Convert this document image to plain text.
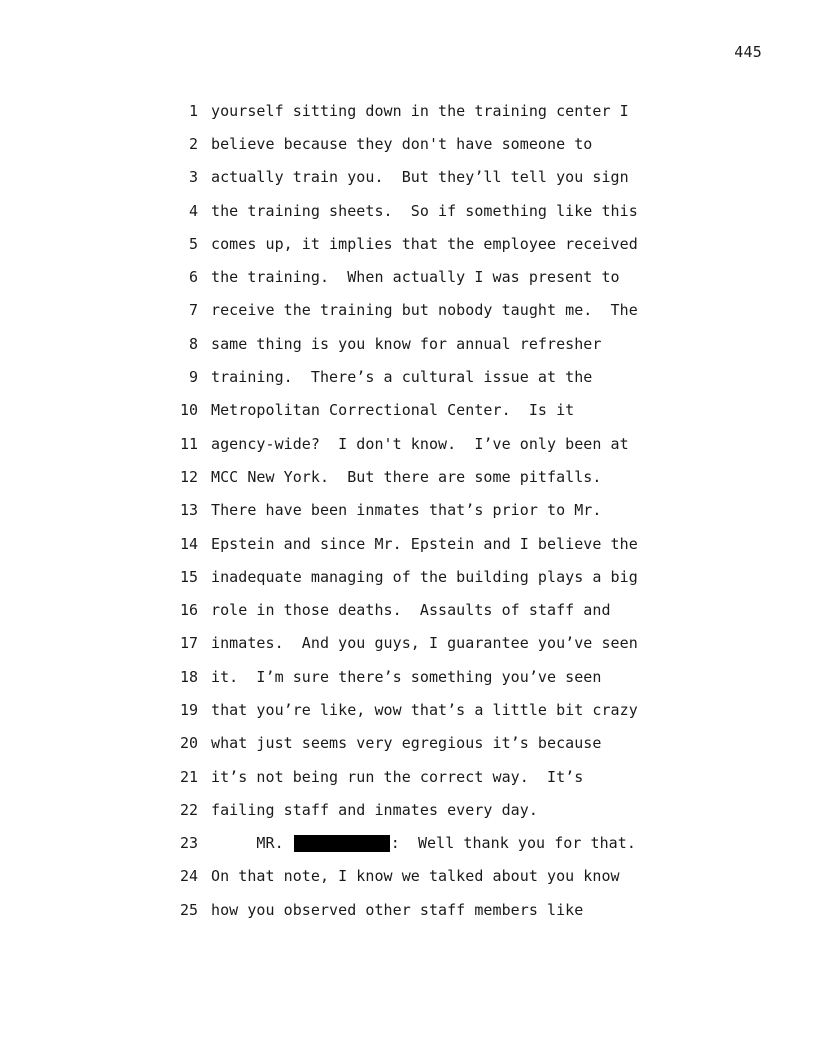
445
1 yourself sitting down in the training center I
2 believe because they don't have someone to
3 actually train you.  But they’ll tell you sign
4 the training sheets.  So if something like this
5 comes up, it implies that the employee received
6 the training.  When actually I was present to
7 receive the training but nobody taught me.  The
8 same thing is you know for annual refresher
9 training.  There’s a cultural issue at the
10 Metropolitan Correctional Center.  Is it
11 agency-wide?  I don't know.  I’ve only been at
12 MCC New York.  But there are some pitfalls.
13 There have been inmates that’s prior to Mr.
14 Epstein and since Mr. Epstein and I believe the
15 inadequate managing of the building plays a big
16 role in those deaths.  Assaults of staff and
17 inmates.  And you guys, I guarantee you’ve seen
18 it.  I’m sure there’s something you’ve seen
19 that you’re like, wow that’s a little bit crazy
20 what just seems very egregious it’s because
21 it’s not being run the correct way.  It’s
22 failing staff and inmates every day.
23 MR.	:  Well thank you for that.
24 On that note, I know we talked about you know
25 how you observed other staff members like
